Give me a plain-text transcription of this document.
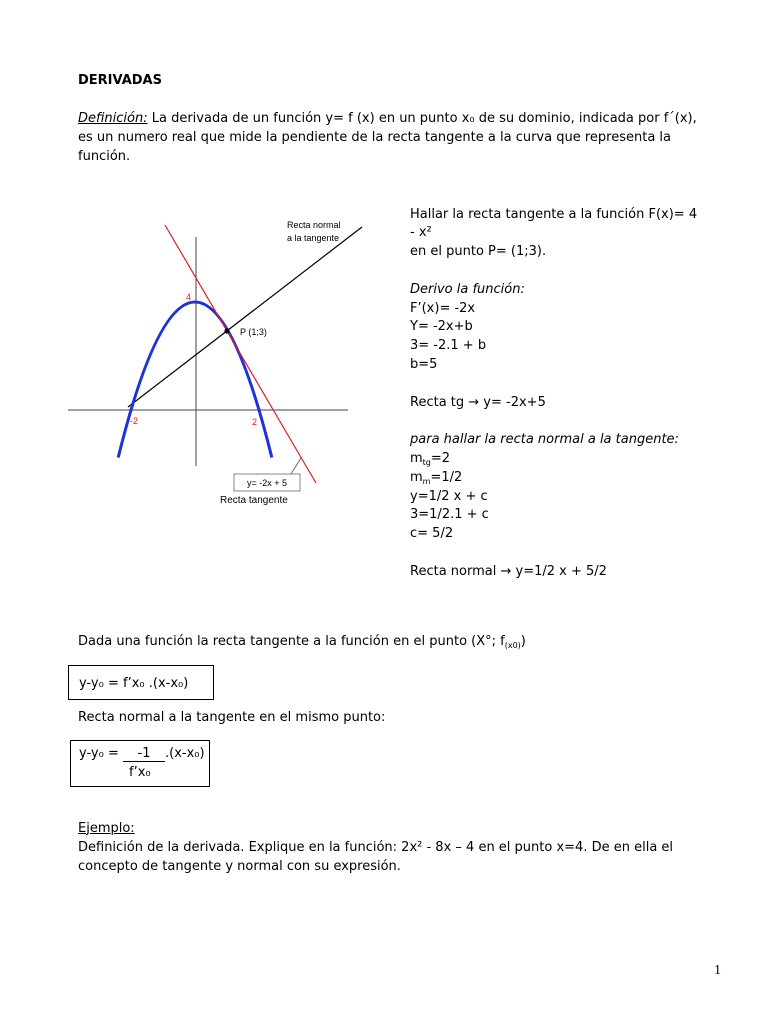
DERIVADAS
Definición: La derivada de un función y= f (x) en un punto x₀ de su dominio, indicada por f´(x),
es un numero real que mide la pendiente de la recta tangente a la curva que representa la
función.
Recta normal
a la tangente
P (1;3)
4
-2	2
y= -2x + 5
Recta tangente
Hallar la recta tangente a la función F(x)= 4
- x²
en el punto P= (1;3).
Derivo la función:
F’(x)= -2x
Y= -2x+b
3= -2.1 + b
b=5
Recta tg → y= -2x+5
para hallar la recta normal a la tangente:
$m_{tg}=2$
$m_m=1/2$
y=1/2 x + c
3=1/2.1 + c
c= 5/2
Recta normal → y=1/2 x + 5/2
Dada una función la recta tangente a la función en el punto (X°; $f_{(x0)}$)
y-y₀ = f’x₀ .(x-x₀)
Recta normal a la tangente en el mismo punto:
y-y₀ = -1 .(x-x₀)
f’x₀
Ejemplo:
Definición de la derivada. Explique en la función: 2x² - 8x – 4 en el punto x=4. De en ella el
concepto de tangente y normal con su expresión.
1
